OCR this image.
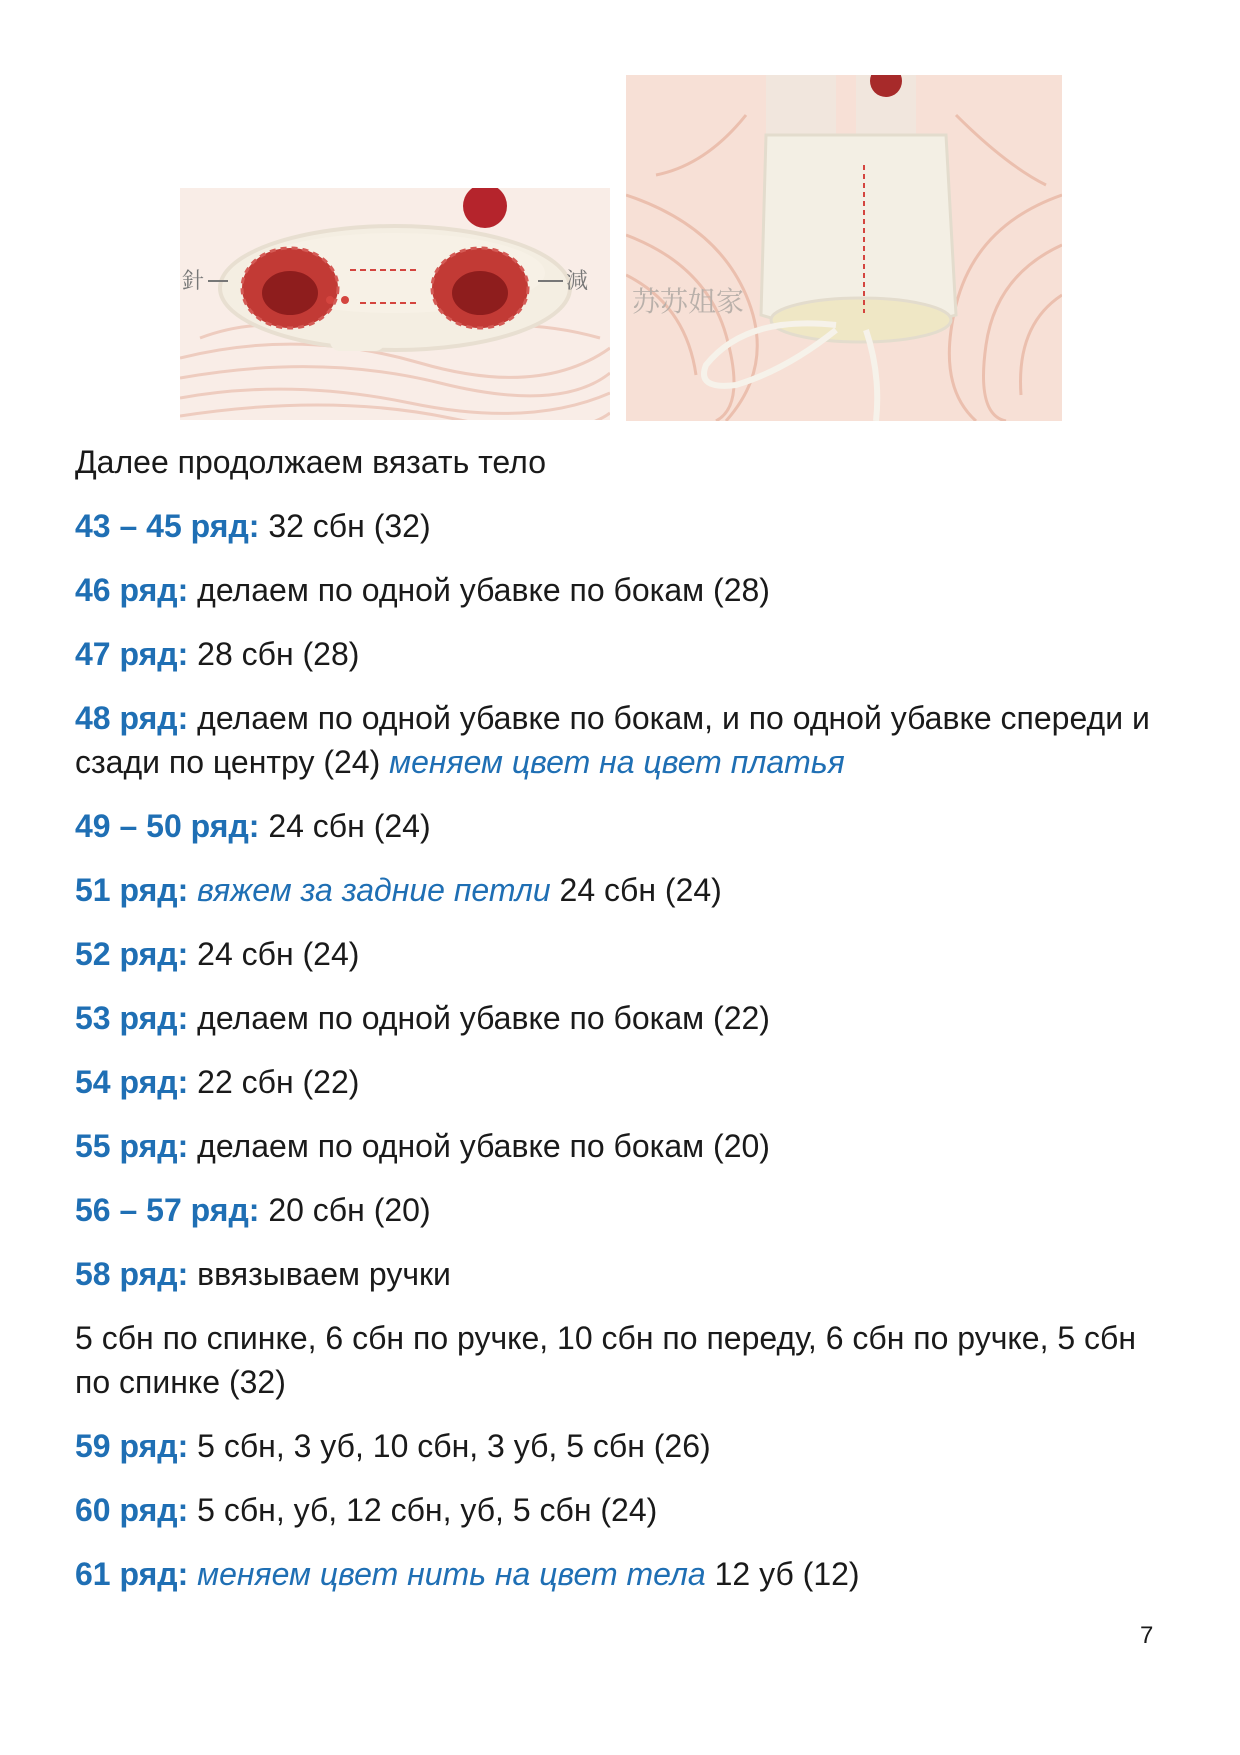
針	減
苏苏姐家

Далее продолжаем вязать тело

43 – 45 ряд: 32 сбн (32)

46 ряд: делаем по одной убавке по бокам (28)

47 ряд: 28 сбн (28)

48 ряд: делаем по одной убавке по бокам, и по одной убавке спереди и сзади по центру (24) меняем цвет на цвет платья

49 – 50 ряд: 24 сбн (24)

51 ряд: вяжем за задние петли 24 сбн (24)

52 ряд: 24 сбн (24)

53 ряд: делаем по одной убавке по бокам (22)

54 ряд: 22 сбн (22)

55 ряд: делаем по одной убавке по бокам (20)

56 – 57 ряд: 20 сбн (20)

58 ряд: ввязываем ручки

5 сбн по спинке, 6 сбн по ручке, 10 сбн по переду, 6 сбн по ручке, 5 сбн по спинке (32)

59 ряд: 5 сбн, 3 уб, 10 сбн, 3 уб, 5 сбн (26)

60 ряд: 5 сбн, уб, 12 сбн, уб, 5 сбн (24)

61 ряд: меняем цвет нить на цвет тела 12 уб (12)

7
